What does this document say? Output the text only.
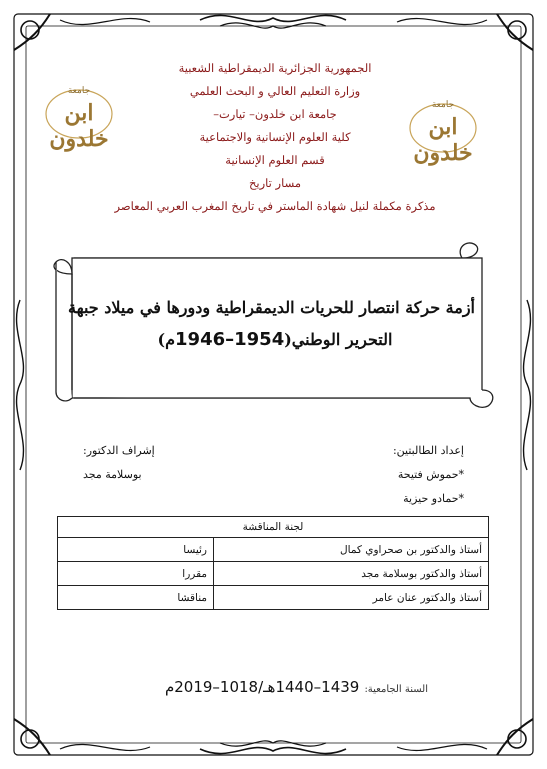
جامعة
ابن خلدون
جامعة
ابن خلدون
الجمهورية الجزائرية الديمقراطية الشعبية
وزارة التعليم العالي و البحث العلمي
جامعة ابن خلدون– تيارت–
كلية العلوم الإنسانية والاجتماعية
قسم العلوم الإنسانية
مسار تاريخ
مذكرة مكملة لنيل شهادة الماستر في تاريخ المغرب العربي المعاصر
أزمة حركة انتصار للحريات الديمقراطية ودورها في ميلاد جبهة
التحرير الوطني(1946–1954م)
إشراف الدكتور:
بوسلامة مجد
إعداد الطالبتين:
*حموش فتيحة
*حمادو حيزية
لجنة المناقشة	
أستاذ والدكتور بن صحراوي كمال	رئيسا
أستاذ والدكتور بوسلامة مجد	مقررا
أستاذ والدكتور عنان عامر	مناقشا
السنة الجامعية: 1439–1440هـ/1018–2019م
